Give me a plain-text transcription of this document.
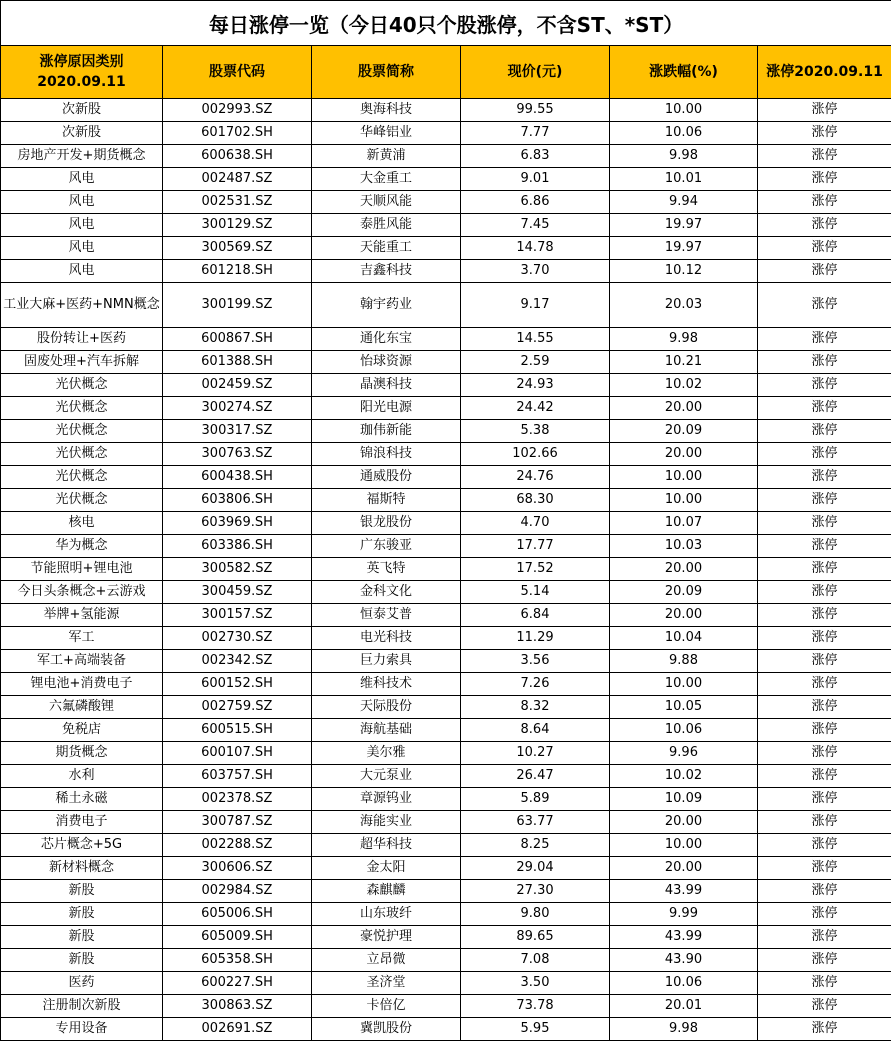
每日涨停一览（今日40只个股涨停，不含ST、*ST）					

涨停原因类别
2020.09.11	股票代码	股票简称	现价(元)	涨跌幅(%)	涨停2020.09.11
次新股	002993.SZ	奥海科技	99.55	10.00	涨停
次新股	601702.SH	华峰铝业	7.77	10.06	涨停
房地产开发+期货概念	600638.SH	新黄浦	6.83	9.98	涨停
风电	002487.SZ	大金重工	9.01	10.01	涨停
风电	002531.SZ	天顺风能	6.86	9.94	涨停
风电	300129.SZ	泰胜风能	7.45	19.97	涨停
风电	300569.SZ	天能重工	14.78	19.97	涨停
风电	601218.SH	吉鑫科技	3.70	10.12	涨停
工业大麻+医药+NMN概念	300199.SZ	翰宇药业	9.17	20.03	涨停
股份转让+医药	600867.SH	通化东宝	14.55	9.98	涨停
固废处理+汽车拆解	601388.SH	怡球资源	2.59	10.21	涨停
光伏概念	002459.SZ	晶澳科技	24.93	10.02	涨停
光伏概念	300274.SZ	阳光电源	24.42	20.00	涨停
光伏概念	300317.SZ	珈伟新能	5.38	20.09	涨停
光伏概念	300763.SZ	锦浪科技	102.66	20.00	涨停
光伏概念	600438.SH	通威股份	24.76	10.00	涨停
光伏概念	603806.SH	福斯特	68.30	10.00	涨停
核电	603969.SH	银龙股份	4.70	10.07	涨停
华为概念	603386.SH	广东骏亚	17.77	10.03	涨停
节能照明+锂电池	300582.SZ	英飞特	17.52	20.00	涨停
今日头条概念+云游戏	300459.SZ	金科文化	5.14	20.09	涨停
举牌+氢能源	300157.SZ	恒泰艾普	6.84	20.00	涨停
军工	002730.SZ	电光科技	11.29	10.04	涨停
军工+高端装备	002342.SZ	巨力索具	3.56	9.88	涨停
锂电池+消费电子	600152.SH	维科技术	7.26	10.00	涨停
六氟磷酸锂	002759.SZ	天际股份	8.32	10.05	涨停
免税店	600515.SH	海航基础	8.64	10.06	涨停
期货概念	600107.SH	美尔雅	10.27	9.96	涨停
水利	603757.SH	大元泵业	26.47	10.02	涨停
稀土永磁	002378.SZ	章源钨业	5.89	10.09	涨停
消费电子	300787.SZ	海能实业	63.77	20.00	涨停
芯片概念+5G	002288.SZ	超华科技	8.25	10.00	涨停
新材料概念	300606.SZ	金太阳	29.04	20.00	涨停
新股	002984.SZ	森麒麟	27.30	43.99	涨停
新股	605006.SH	山东玻纤	9.80	9.99	涨停
新股	605009.SH	豪悦护理	89.65	43.99	涨停
新股	605358.SH	立昂微	7.08	43.90	涨停
医药	600227.SH	圣济堂	3.50	10.06	涨停
注册制次新股	300863.SZ	卡倍亿	73.78	20.01	涨停
专用设备	002691.SZ	冀凯股份	5.95	9.98	涨停
